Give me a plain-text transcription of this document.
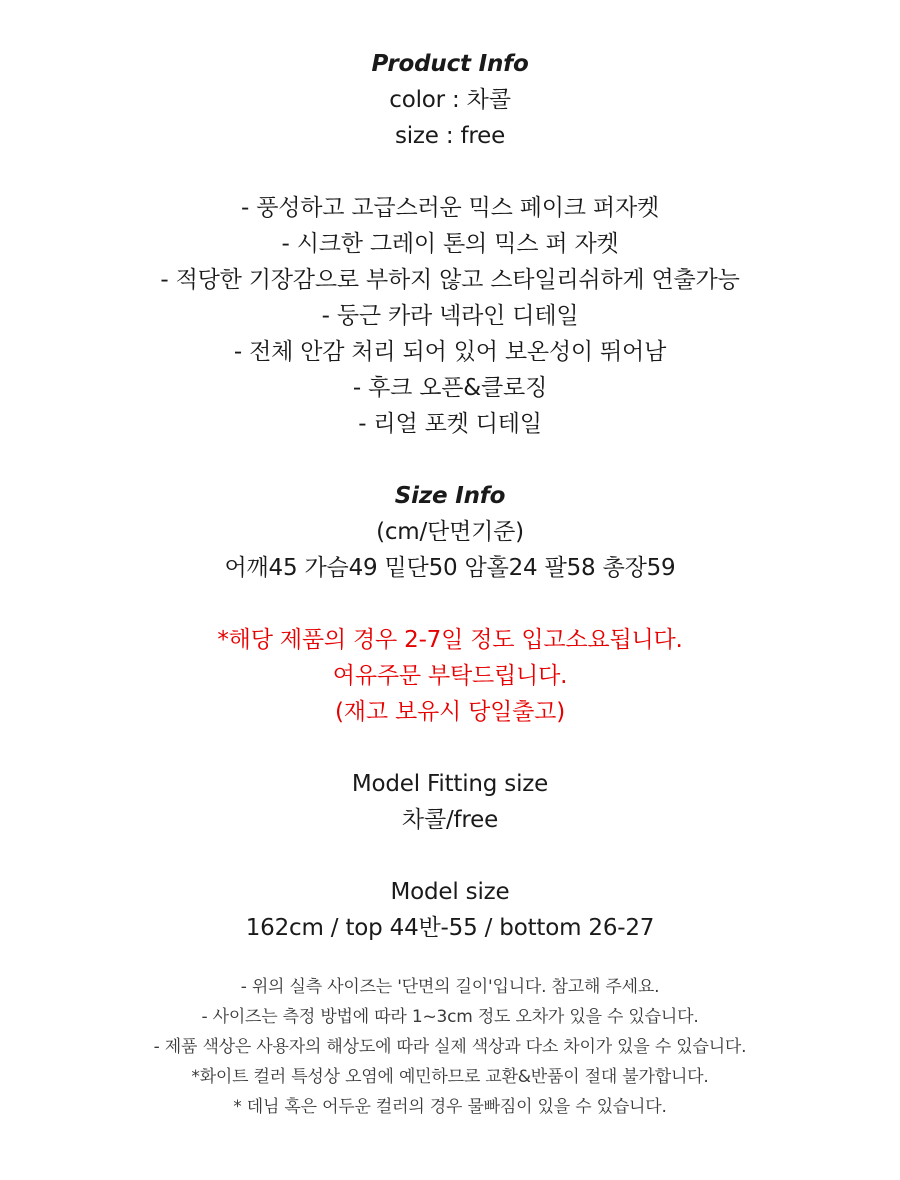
Product Info
color : 차콜
size : free
- 풍성하고 고급스러운 믹스 페이크 퍼자켓
- 시크한 그레이 톤의 믹스 퍼 자켓
- 적당한 기장감으로 부하지 않고 스타일리쉬하게 연출가능
- 둥근 카라 넥라인 디테일
- 전체 안감 처리 되어 있어 보온성이 뛰어남
- 후크 오픈&클로징
- 리얼 포켓 디테일
Size Info
(cm/단면기준)
어깨45 가슴49 밑단50 암홀24 팔58 총장59
*해당 제품의 경우 2-7일 정도 입고소요됩니다.
여유주문 부탁드립니다.
(재고 보유시 당일출고)
Model Fitting size
차콜/free
Model size
162cm / top 44반-55 / bottom 26-27
- 위의 실측 사이즈는 '단면의 길이'입니다. 참고해 주세요.
- 사이즈는 측정 방법에 따라 1~3cm 정도 오차가 있을 수 있습니다.
- 제품 색상은 사용자의 해상도에 따라 실제 색상과 다소 차이가 있을 수 있습니다.
*화이트 컬러 특성상 오염에 예민하므로 교환&반품이 절대 불가합니다.
* 데님 혹은 어두운 컬러의 경우 물빠짐이 있을 수 있습니다.
